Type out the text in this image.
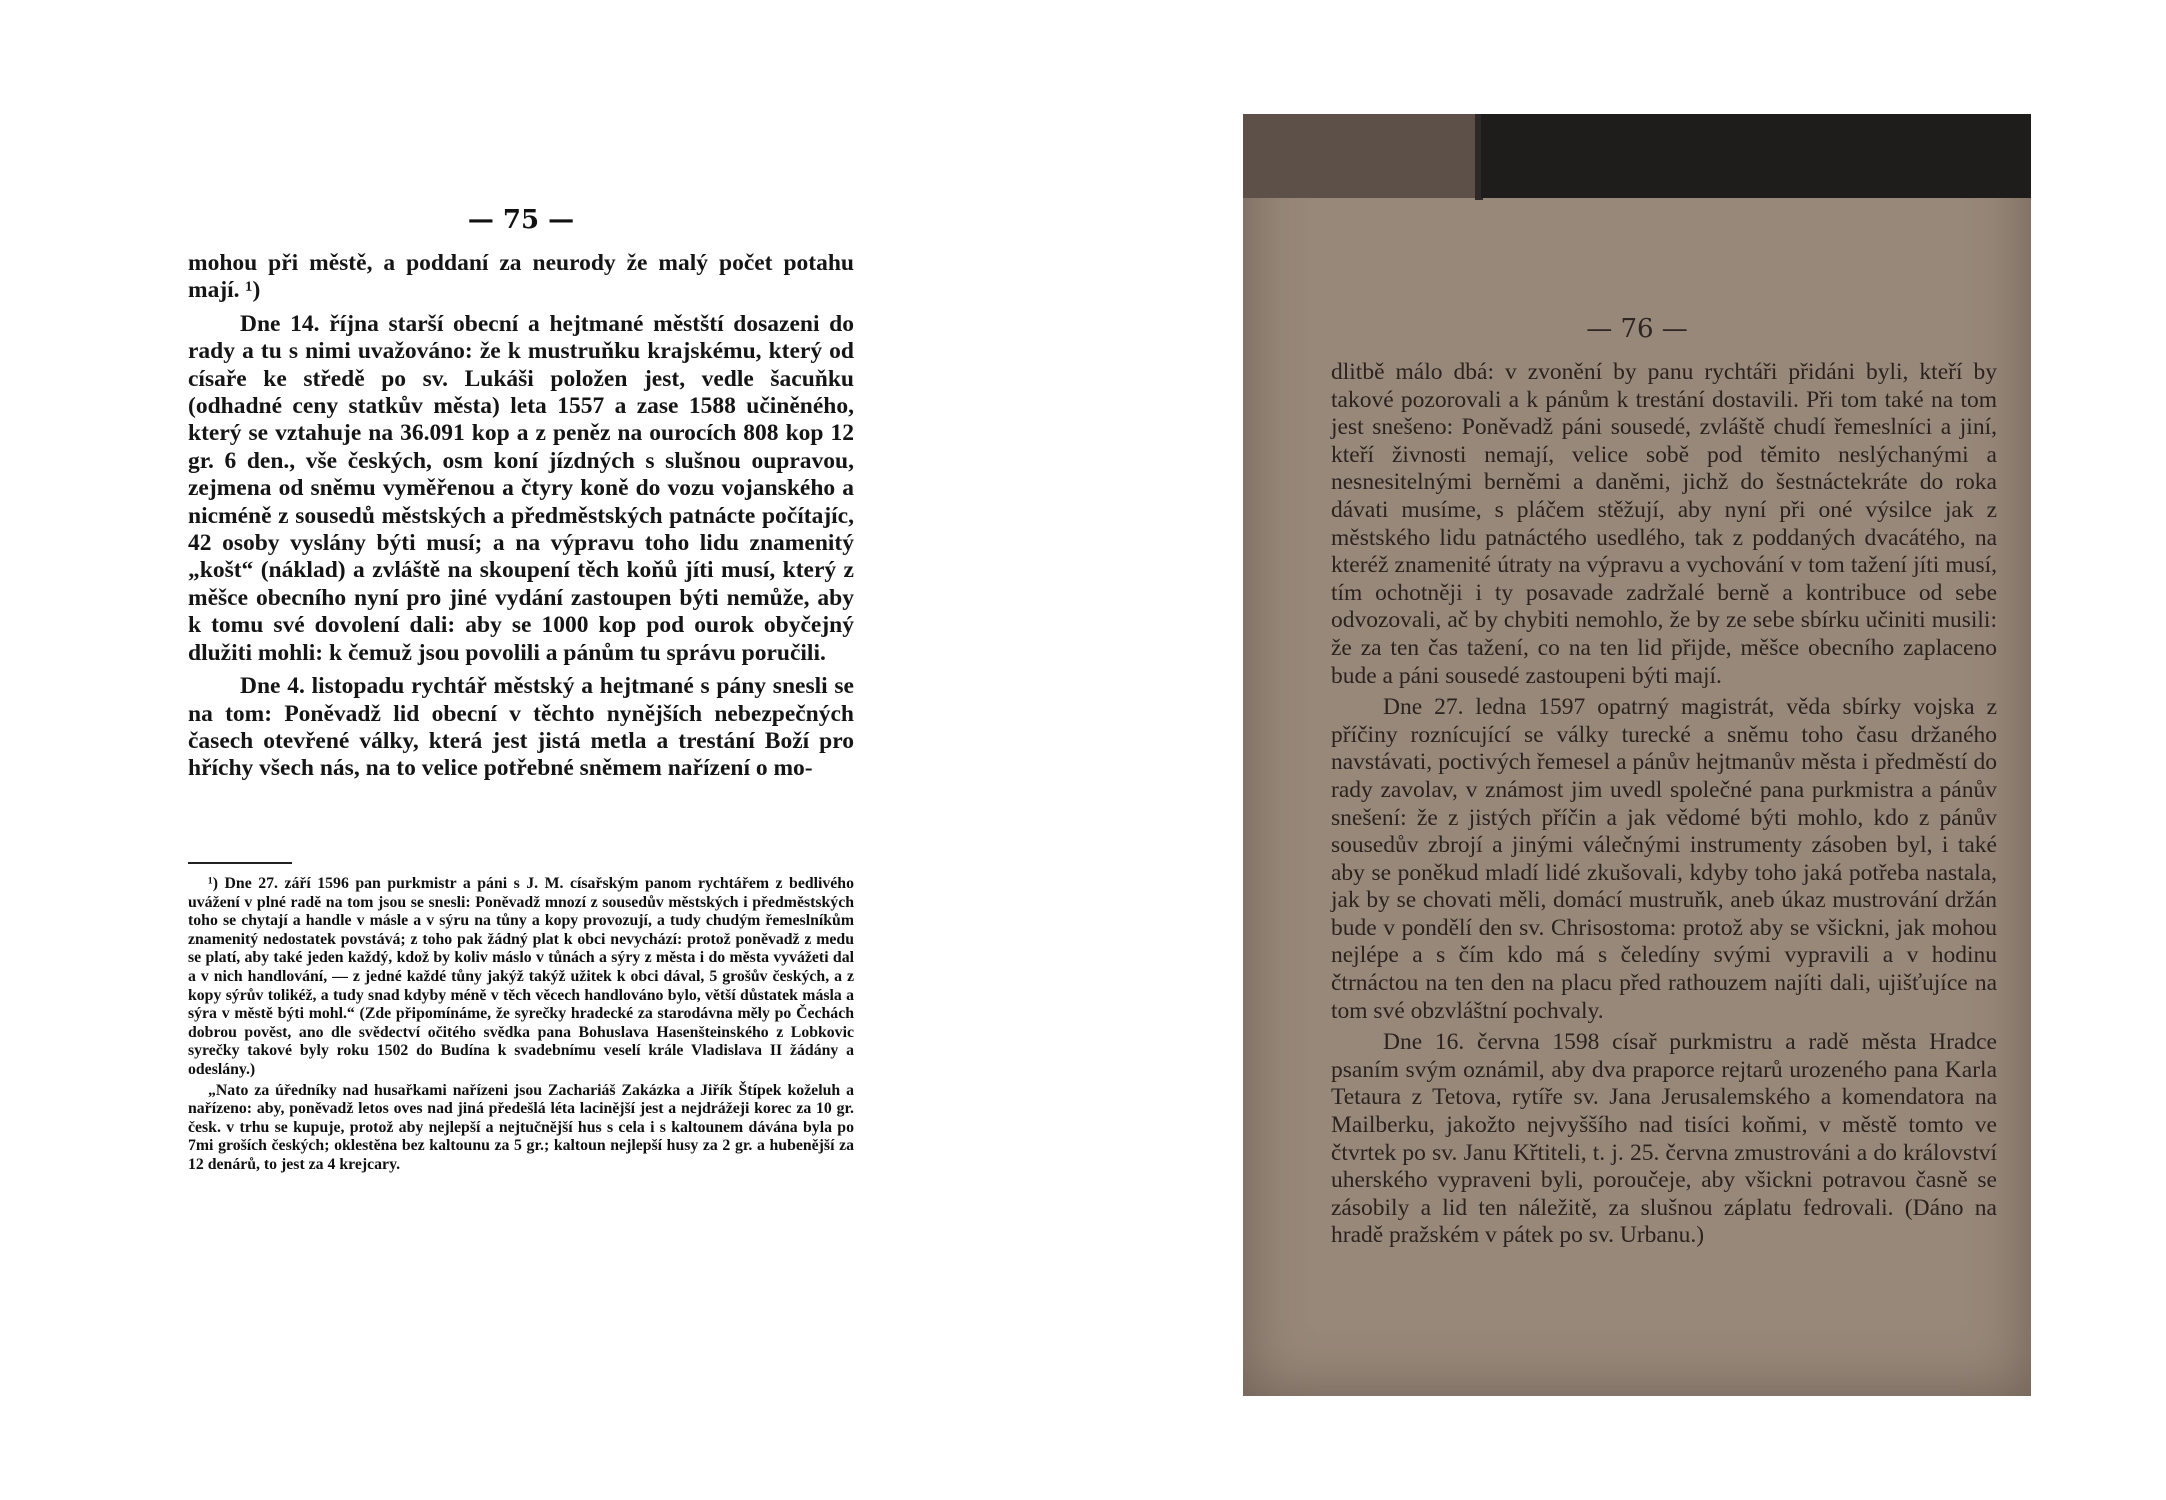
— 75 —

mohou při městě, a poddaní za neurody že malý počet potahu mají. ¹)

Dne 14. října starší obecní a hejtmané městští dosazeni do rady a tu s nimi uvažováno: že k mustruňku krajskému, který od císaře ke středě po sv. Lukáši položen jest, vedle šacuňku (odhadné ceny statkův města) leta 1557 a zase 1588 učiněného, který se vztahuje na 36.091 kop a z peněz na ourocích 808 kop 12 gr. 6 den., vše českých, osm koní jízdných s slušnou oupravou, zejmena od sněmu vyměřenou a čtyry koně do vozu vojanského a nicméně z sousedů městských a předměstských patnácte počítajíc, 42 osoby vyslány býti musí; a na výpravu toho lidu znamenitý „košt“ (náklad) a zvláště na skoupení těch koňů jíti musí, který z měšce obecního nyní pro jiné vydání zastoupen býti nemůže, aby k tomu své dovolení dali: aby se 1000 kop pod ourok obyčejný dlužiti mohli: k čemuž jsou povolili a pánům tu správu poručili.

Dne 4. listopadu rychtář městský a hejtmané s pány snesli se na tom: Poněvadž lid obecní v těchto nynějších nebezpečných časech otevřené války, která jest jistá metla a trestání Boží pro hříchy všech nás, na to velice potřebné sněmem nařízení o mo-

¹) Dne 27. září 1596 pan purkmistr a páni s J. M. císařským panom rychtářem z bedlivého uvážení v plné radě na tom jsou se snesli: Poněvadž mnozí z sousedův městských i předměstských toho se chytají a handle v másle a v sýru na tůny a kopy provozují, a tudy chudým řemeslníkům znamenitý nedostatek povstává; z toho pak žádný plat k obci nevychází: protož poněvadž z medu se platí, aby také jeden každý, kdož by koliv máslo v tůnách a sýry z města i do města vyvážeti dal a v nich handlování, — z jedné každé tůny jakýž takýž užitek k obci dával, 5 grošův českých, a z kopy sýrův tolikéž, a tudy snad kdyby méně v těch věcech handlováno bylo, větší důstatek másla a sýra v městě býti mohl.“ (Zde připomínáme, že syrečky hradecké za starodávna měly po Čechách dobrou pověst, ano dle svědectví očitého svědka pana Bohuslava Hasenšteinského z Lobkovic syrečky takové byly roku 1502 do Budína k svadebnímu veselí krále Vladislava II žádány a odeslány.)

„Nato za úředníky nad husařkami nařízeni jsou Zachariáš Zakázka a Jiřík Štípek koželuh a nařízeno: aby, poněvadž letos oves nad jiná předešlá léta lacinější jest a nejdrážeji korec za 10 gr. česk. v trhu se kupuje, protož aby nejlepší a nejtučnější hus s cela i s kaltounem dávána byla po 7mi groších českých; oklestěna bez kaltounu za 5 gr.; kaltoun nejlepší husy za 2 gr. a hubenější za 12 denárů, to jest za 4 krejcary.

— 76 —

dlitbě málo dbá: v zvonění by panu rychtáři přidáni byli, kteří by takové pozorovali a k pánům k trestání dostavili. Při tom také na tom jest snešeno: Poněvadž páni sousedé, zvláště chudí řemeslníci a jiní, kteří živnosti nemají, velice sobě pod těmito neslýchanými a nesnesitelnými berněmi a daněmi, jichž do šestnáctekráte do roka dávati musíme, s pláčem stěžují, aby nyní při oné výsilce jak z městského lidu patnáctého usedlého, tak z poddaných dvacátého, na kteréž znamenité útraty na výpravu a vychování v tom tažení jíti musí, tím ochotněji i ty posavade zadržalé berně a kontribuce od sebe odvozovali, ač by chybiti nemohlo, že by ze sebe sbírku učiniti musili: že za ten čas tažení, co na ten lid přijde, měšce obecního zaplaceno bude a páni sousedé zastoupeni býti mají.

Dne 27. ledna 1597 opatrný magistrát, věda sbírky vojska z příčiny roznícující se války turecké a sněmu toho času držaného navstávati, poctivých řemesel a pánův hejtmanův města i předměstí do rady zavolav, v známost jim uvedl společné pana purkmistra a pánův snešení: že z jistých příčin a jak vědomé býti mohlo, kdo z pánův sousedův zbrojí a jinými válečnými instrumenty zásoben byl, i také aby se poněkud mladí lidé zkušovali, kdyby toho jaká potřeba nastala, jak by se chovati měli, domácí mustruňk, aneb úkaz mustrování držán bude v pondělí den sv. Chrisostoma: protož aby se všickni, jak mohou nejlépe a s čím kdo má s čeledíny svými vypravili a v hodinu čtrnáctou na ten den na placu před rathouzem najíti dali, ujišťujíce na tom své obzvláštní pochvaly.

Dne 16. června 1598 císař purkmistru a radě města Hradce psaním svým oznámil, aby dva praporce rejtarů urozeného pana Karla Tetaura z Tetova, rytíře sv. Jana Jerusalemského a komendatora na Mailberku, jakožto nejvyššího nad tisíci koňmi, v městě tomto ve čtvrtek po sv. Janu Křtiteli, t. j. 25. června zmustrováni a do království uherského vypraveni byli, poroučeje, aby všickni potravou časně se zásobily a lid ten náležitě, za slušnou záplatu fedrovali. (Dáno na hradě pražském v pátek po sv. Urbanu.)
